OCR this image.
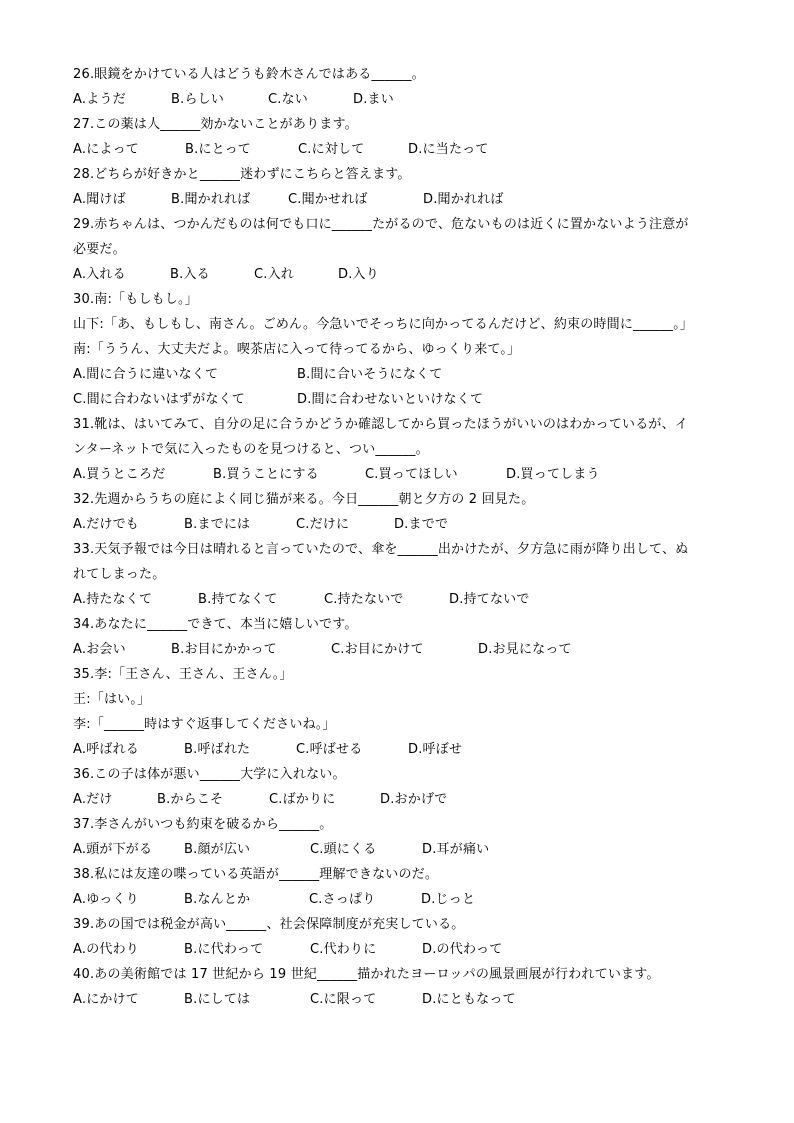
26.眼鏡をかけている人はどうも鈴木さんではある______。
A.ようだ	B.らしい	C.ない	D.まい
27.この薬は人______効かないことがあります。
A.によって	B.にとって	C.に対して	D.に当たって
28.どちらが好きかと______迷わずにこちらと答えます。
A.聞けば	B.聞かれれば	C.聞かせれば	D.聞かれれば
29.赤ちゃんは、つかんだものは何でも口に______たがるので、危ないものは近くに置かないよう注意が
必要だ。
A.入れる	B.入る	C.入れ	D.入り
30.南:「もしもし。」
山下:「あ、もしもし、南さん。ごめん。今急いでそっちに向かってるんだけど、約束の時間に______。」
南:「ううん、大丈夫だよ。喫茶店に入って待ってるから、ゆっくり来て。」
A.間に合うに違いなくて	B.間に合いそうになくて
C.間に合わないはずがなくて	D.間に合わせないといけなくて
31.靴は、はいてみて、自分の足に合うかどうか確認してから買ったほうがいいのはわかっているが、イ
ンターネットで気に入ったものを見つけると、つい______。
A.買うところだ	B.買うことにする	C.買ってほしい	D.買ってしまう
32.先週からうちの庭によく同じ猫が来る。今日______朝と夕方の 2 回見た。
A.だけでも	B.までには	C.だけに	D.までで
33.天気予報では今日は晴れると言っていたので、傘を______出かけたが、夕方急に雨が降り出して、ぬ
れてしまった。
A.持たなくて	B.持てなくて	C.持たないで	D.持てないで
34.あなたに______できて、本当に嬉しいです。
A.お会い	B.お目にかかって	C.お目にかけて	D.お見になって
35.李:「王さん、王さん、王さん。」
王:「はい。」
李:「______時はすぐ返事してくださいね。」
A.呼ばれる	B.呼ばれた	C.呼ばせる	D.呼ぼせ
36.この子は体が悪い______大学に入れない。
A.だけ	B.からこそ	C.ばかりに	D.おかげで
37.李さんがいつも約束を破るから______。
A.頭が下がる	B.顔が広い	C.頭にくる	D.耳が痛い
38.私には友達の喋っている英語が______理解できないのだ。
A.ゆっくり	B.なんとか	C.さっぱり	D.じっと
39.あの国では税金が高い______、社会保障制度が充実している。
A.の代わり	B.に代わって	C.代わりに	D.の代わって
40.あの美術館では 17 世紀から 19 世紀______描かれたヨーロッパの風景画展が行われています。
A.にかけて	B.にしては	C.に限って	D.にともなって
